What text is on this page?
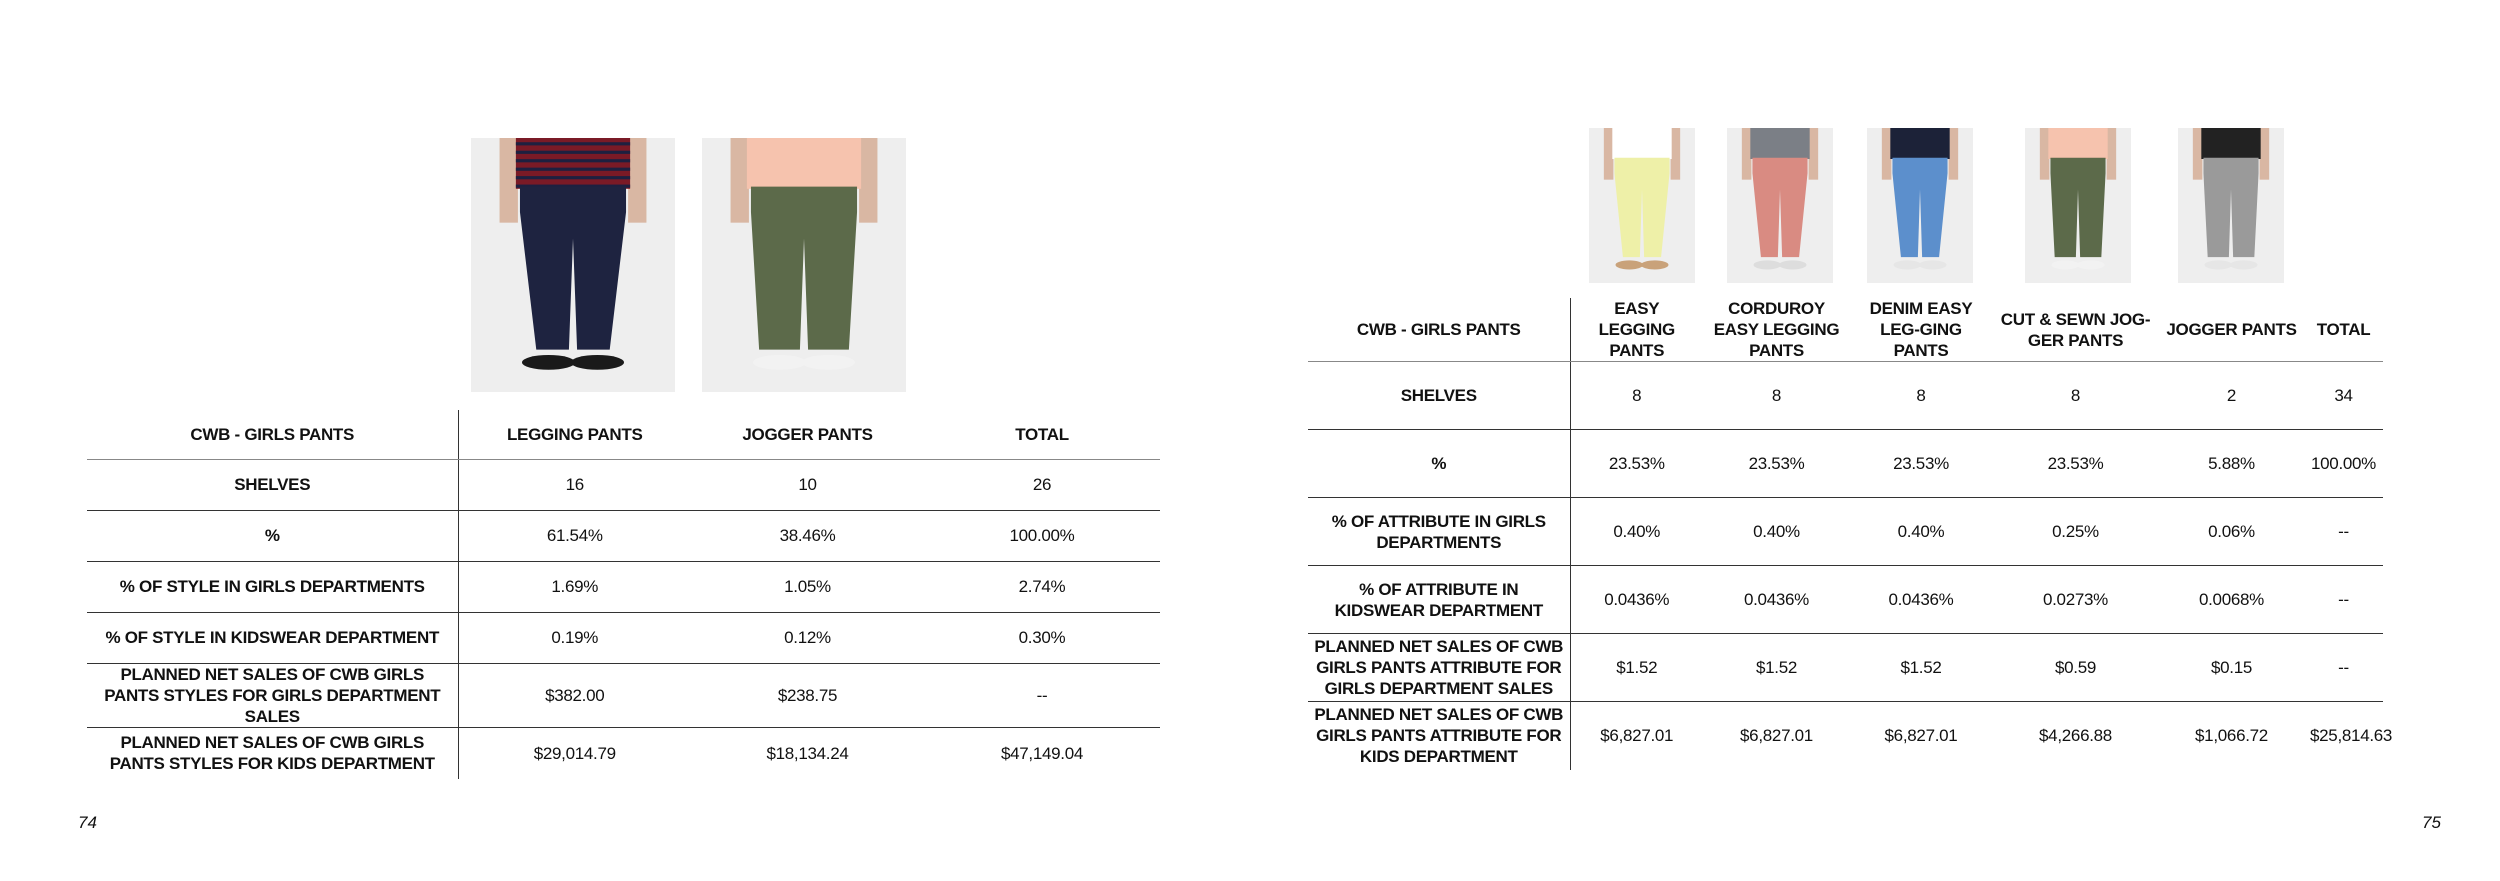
CWB - GIRLS PANTS	LEGGING PANTS	JOGGER PANTS	TOTAL
SHELVES	16	10	26
%	61.54%	38.46%	100.00%
% OF STYLE IN GIRLS DEPARTMENTS	1.69%	1.05%	2.74%
% OF STYLE IN KIDSWEAR DEPARTMENT	0.19%	0.12%	0.30%
PLANNED NET SALES OF CWB GIRLS PANTS STYLES FOR GIRLS DEPARTMENT SALES	$382.00	$238.75	--
PLANNED NET SALES OF CWB GIRLS PANTS STYLES FOR KIDS DEPARTMENT	$29,014.79	$18,134.24	$47,149.04
74
CWB - GIRLS PANTS	EASY LEGGING PANTS	CORDUROY EASY LEGGING PANTS	DENIM EASY LEG-GING PANTS	CUT & SEWN JOG-GER PANTS	JOGGER PANTS	TOTAL
SHELVES	8	8	8	8	2	34
%	23.53%	23.53%	23.53%	23.53%	5.88%	100.00%
% OF ATTRIBUTE IN GIRLS DEPARTMENTS	0.40%	0.40%	0.40%	0.25%	0.06%	--
% OF ATTRIBUTE IN KIDSWEAR DEPARTMENT	0.0436%	0.0436%	0.0436%	0.0273%	0.0068%	--
PLANNED NET SALES OF CWB GIRLS PANTS ATTRIBUTE FOR GIRLS DEPARTMENT SALES	$1.52	$1.52	$1.52	$0.59	$0.15	--
PLANNED NET SALES OF CWB GIRLS PANTS ATTRIBUTE FOR KIDS DEPARTMENT	$6,827.01	$6,827.01	$6,827.01	$4,266.88	$1,066.72	$25,814.63
75
